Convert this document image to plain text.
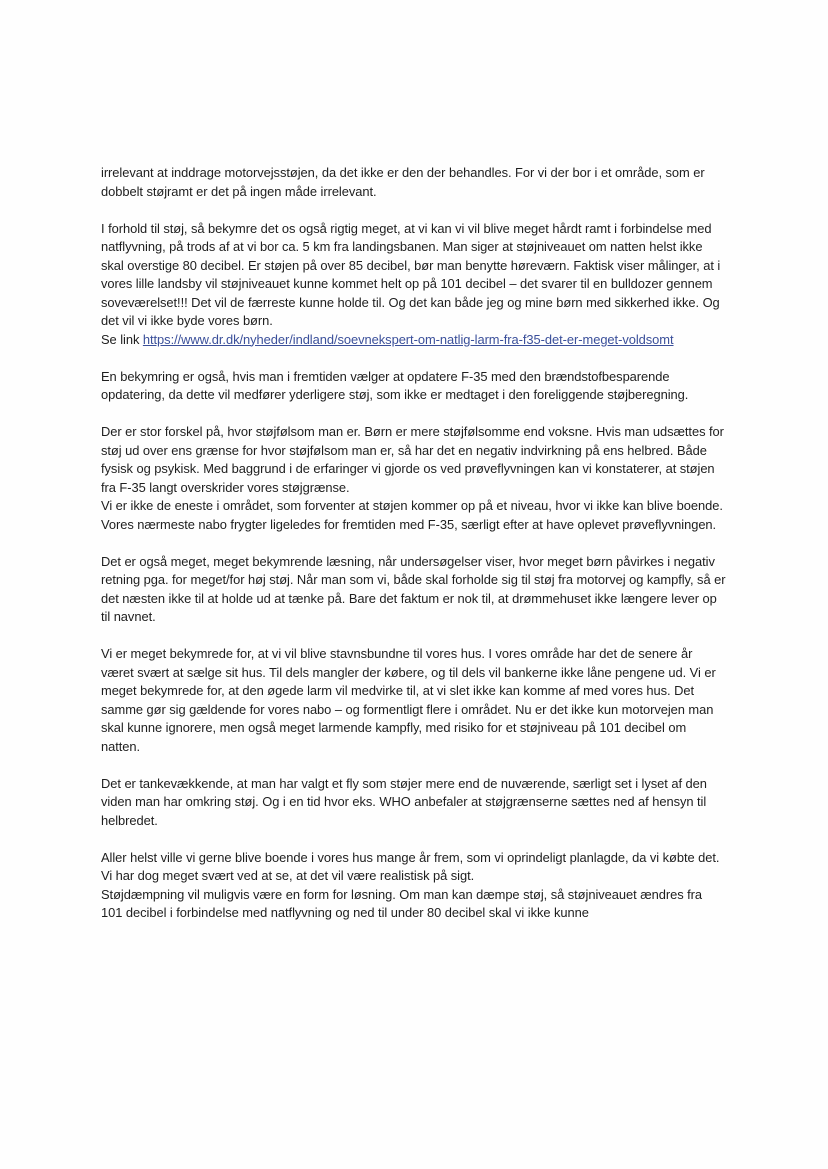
irrelevant at inddrage motorvejsstøjen, da det ikke er den der behandles. For vi der bor i et område, som er dobbelt støjramt er det på ingen måde irrelevant.

I forhold til støj, så bekymre det os også rigtig meget, at vi kan vi vil blive meget hårdt ramt i forbindelse med natflyvning, på trods af at vi bor ca. 5 km fra landingsbanen. Man siger at støjniveauet om natten helst ikke skal overstige 80 decibel. Er støjen på over 85 decibel, bør man benytte høreværn. Faktisk viser målinger, at i vores lille landsby vil støjniveauet kunne kommet helt op på 101 decibel – det svarer til en bulldozer gennem soveværelset!!! Det vil de færreste kunne holde til. Og det kan både jeg og mine børn med sikkerhed ikke. Og det vil vi ikke byde vores børn.

Se link https://www.dr.dk/nyheder/indland/soevnekspert-om-natlig-larm-fra-f35-det-er-meget-voldsomt

En bekymring er også, hvis man i fremtiden vælger at opdatere F-35 med den brændstofbesparende opdatering, da dette vil medfører yderligere støj, som ikke er medtaget i den foreliggende støjberegning.

Der er stor forskel på, hvor støjfølsom man er. Børn er mere støjfølsomme end voksne. Hvis man udsættes for støj ud over ens grænse for hvor støjfølsom man er, så har det en negativ indvirkning på ens helbred. Både fysisk og psykisk. Med baggrund i de erfaringer vi gjorde os ved prøveflyvningen kan vi konstaterer, at støjen fra F-35 langt overskrider vores støjgrænse.

Vi er ikke de eneste i området, som forventer at støjen kommer op på et niveau, hvor vi ikke kan blive boende. Vores nærmeste nabo frygter ligeledes for fremtiden med F-35, særligt efter at have oplevet prøveflyvningen.

Det er også meget, meget bekymrende læsning, når undersøgelser viser, hvor meget børn påvirkes i negativ retning pga. for meget/for høj støj. Når man som vi, både skal forholde sig til støj fra motorvej og kampfly, så er det næsten ikke til at holde ud at tænke på. Bare det faktum er nok til, at drømmehuset ikke længere lever op til navnet.

Vi er meget bekymrede for, at vi vil blive stavnsbundne til vores hus. I vores område har det de senere år været svært at sælge sit hus. Til dels mangler der købere, og til dels vil bankerne ikke låne pengene ud. Vi er meget bekymrede for, at den øgede larm vil medvirke til, at vi slet ikke kan komme af med vores hus. Det samme gør sig gældende for vores nabo – og formentligt flere i området. Nu er det ikke kun motorvejen man skal kunne ignorere, men også meget larmende kampfly, med risiko for et støjniveau på 101 decibel om natten.

Det er tankevækkende, at man har valgt et fly som støjer mere end de nuværende, særligt set i lyset af den viden man har omkring støj. Og i en tid hvor eks. WHO anbefaler at støjgrænserne sættes ned af hensyn til helbredet.

Aller helst ville vi gerne blive boende i vores hus mange år frem, som vi oprindeligt planlagde, da vi købte det. Vi har dog meget svært ved at se, at det vil være realistisk på sigt.

Støjdæmpning vil muligvis være en form for løsning. Om man kan dæmpe støj, så støjniveauet ændres fra 101 decibel i forbindelse med natflyvning og ned til under 80 decibel skal vi ikke kunne
